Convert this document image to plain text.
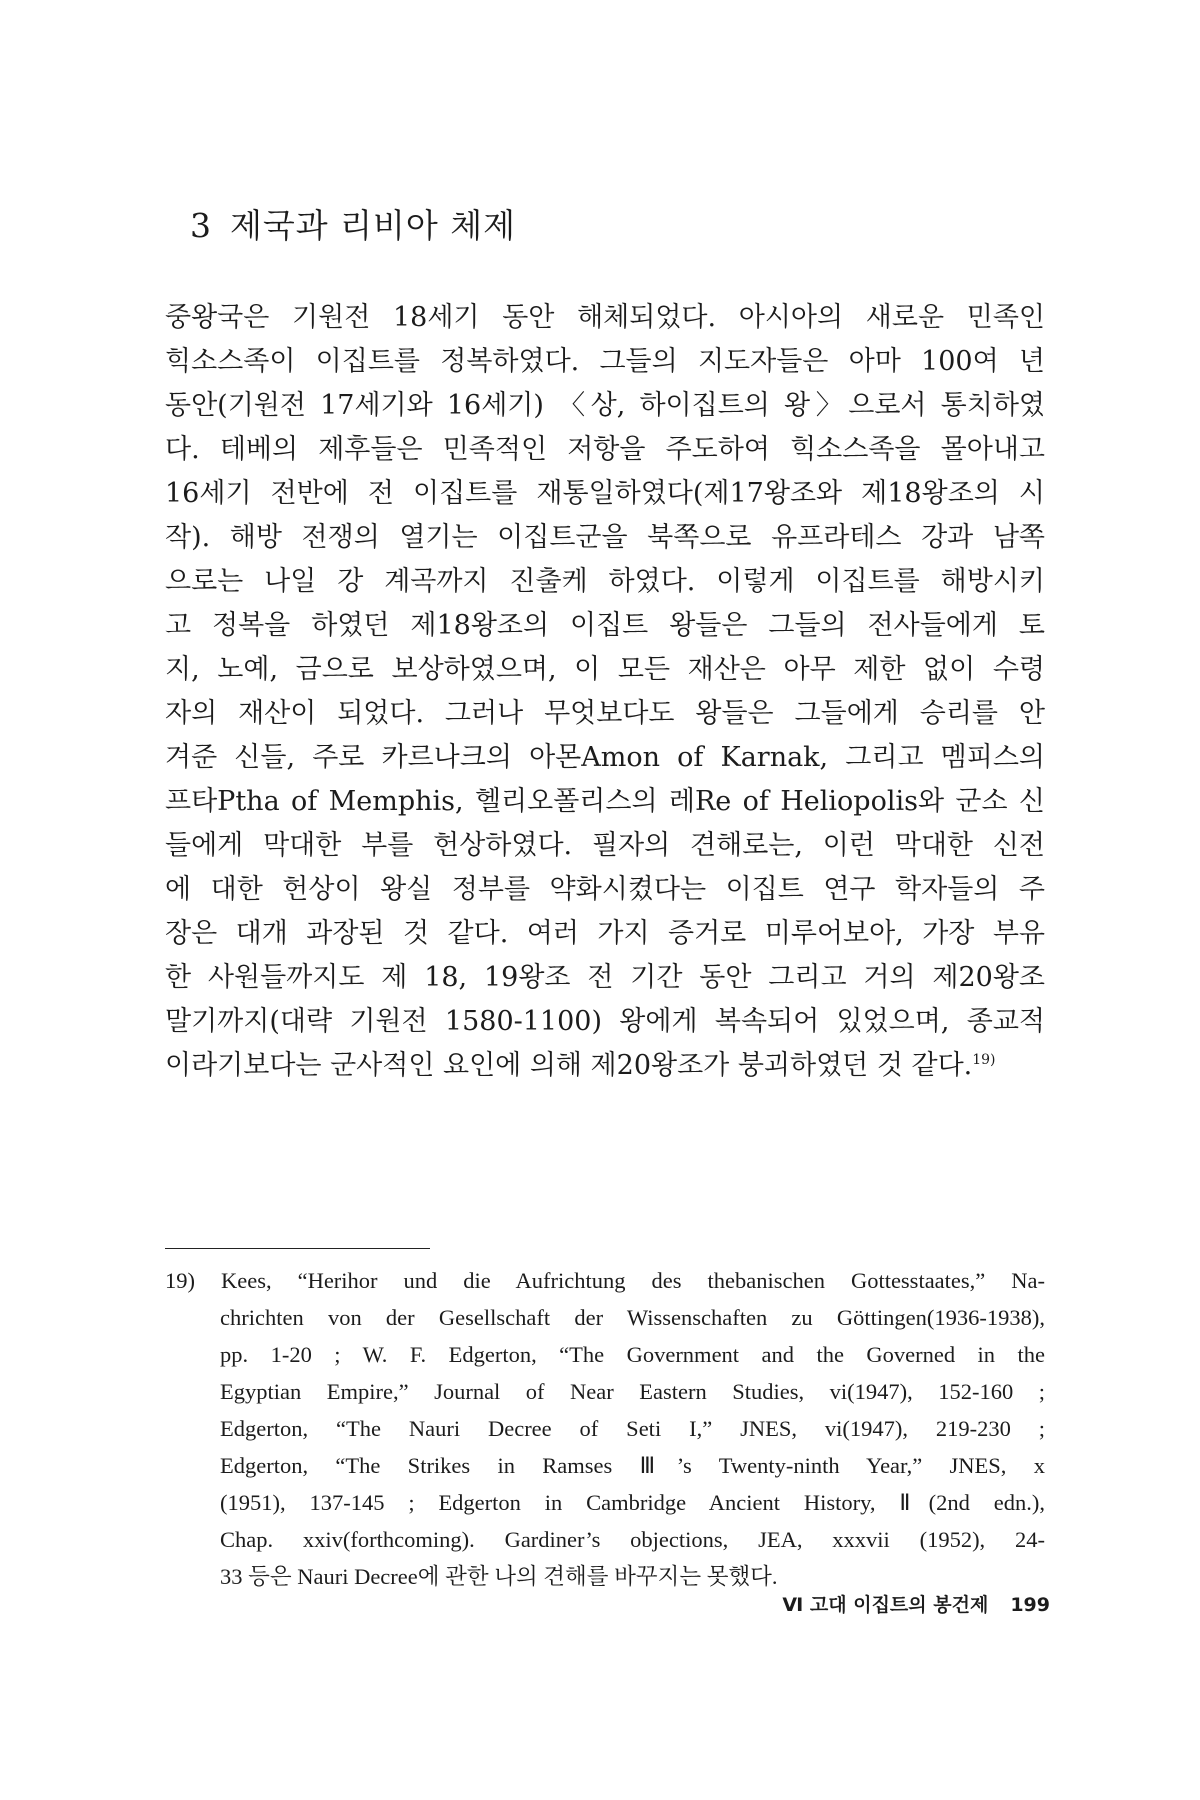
3 제국과 리비아 체제
중왕국은 기원전 18세기 동안 해체되었다. 아시아의 새로운 민족인
힉소스족이 이집트를 정복하였다. 그들의 지도자들은 아마 100여 년
동안(기원전 17세기와 16세기) 〈상, 하이집트의 왕〉으로서 통치하였
다. 테베의 제후들은 민족적인 저항을 주도하여 힉소스족을 몰아내고
16세기 전반에 전 이집트를 재통일하였다(제17왕조와 제18왕조의 시
작). 해방 전쟁의 열기는 이집트군을 북쪽으로 유프라테스 강과 남쪽
으로는 나일 강 계곡까지 진출케 하였다. 이렇게 이집트를 해방시키
고 정복을 하였던 제18왕조의 이집트 왕들은 그들의 전사들에게 토
지, 노예, 금으로 보상하였으며, 이 모든 재산은 아무 제한 없이 수령
자의 재산이 되었다. 그러나 무엇보다도 왕들은 그들에게 승리를 안
겨준 신들, 주로 카르나크의 아몬Amon of Karnak, 그리고 멤피스의
프타Ptha of Memphis, 헬리오폴리스의 레Re of Heliopolis와 군소 신
들에게 막대한 부를 헌상하였다. 필자의 견해로는, 이런 막대한 신전
에 대한 헌상이 왕실 정부를 약화시켰다는 이집트 연구 학자들의 주
장은 대개 과장된 것 같다. 여러 가지 증거로 미루어보아, 가장 부유
한 사원들까지도 제 18, 19왕조 전 기간 동안 그리고 거의 제20왕조
말기까지(대략 기원전 1580-1100) 왕에게 복속되어 있었으며, 종교적
이라기보다는 군사적인 요인에 의해 제20왕조가 붕괴하였던 것 같다.$^{19)}$
19) Kees, “Herihor und die Aufrichtung des thebanischen Gottesstaates,” Na-
chrichten von der Gesellschaft der Wissenschaften zu Göttingen(1936-1938),
pp. 1-20 ; W. F. Edgerton, “The Government and the Governed in the
Egyptian Empire,” Journal of Near Eastern Studies, vi(1947), 152-160 ;
Edgerton, “The Nauri Decree of Seti I,” JNES, vi(1947), 219-230 ;
Edgerton, “The Strikes in Ramses Ⅲ’s Twenty-ninth Year,” JNES, x
(1951), 137-145 ; Edgerton in Cambridge Ancient History, Ⅱ(2nd edn.),
Chap. xxiv(forthcoming). Gardiner’s objections, JEA, xxxvii (1952), 24-
33 등은 Nauri Decree에 관한 나의 견해를 바꾸지는 못했다.
Ⅵ 고대 이집트의 봉건제 199
